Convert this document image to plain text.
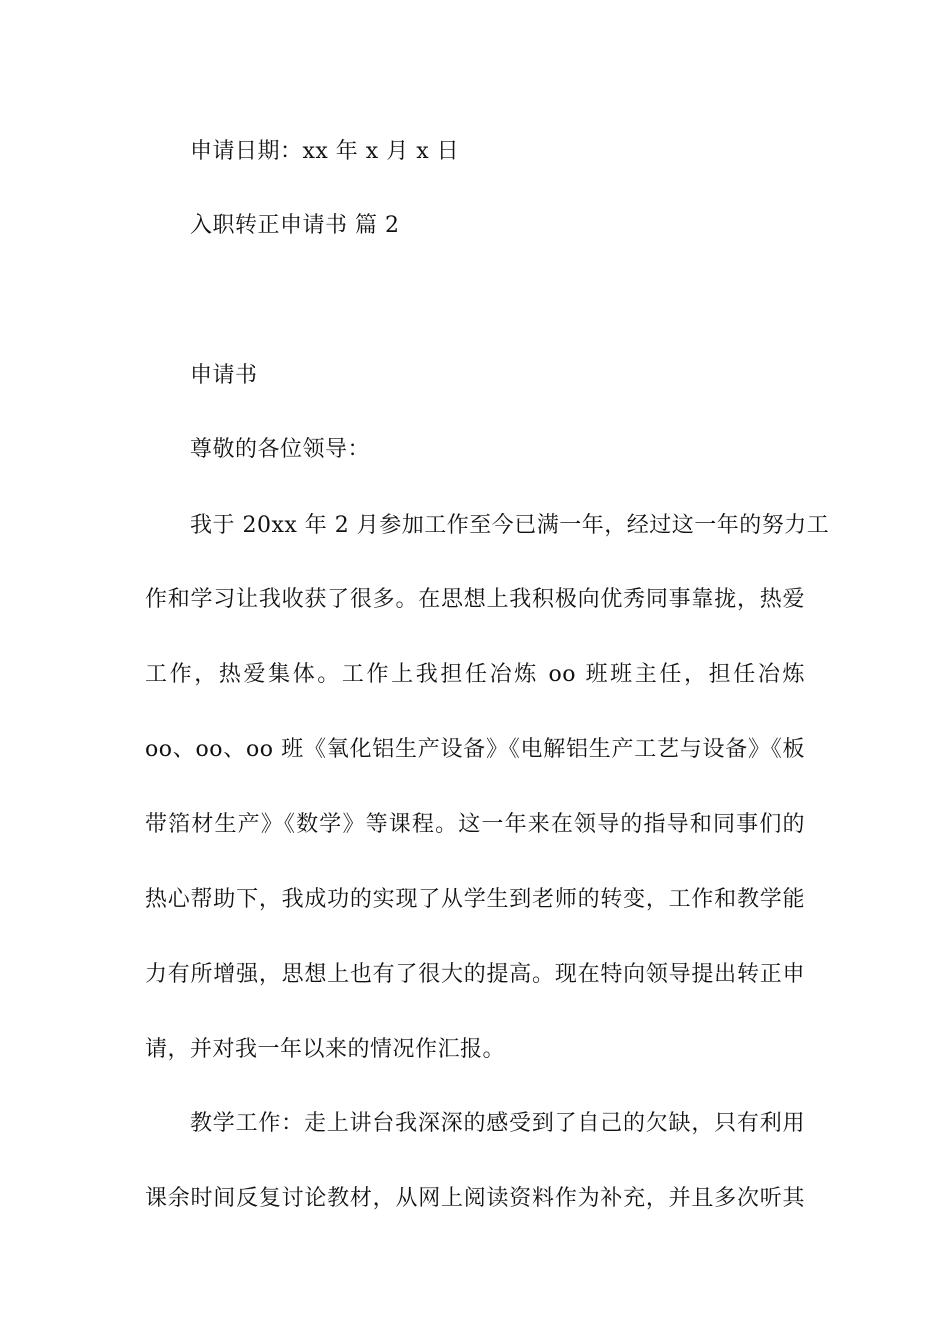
申请日期：xx 年 x 月 x 日
入职转正申请书 篇 2
申请书
尊敬的各位领导：
我于 20xx 年 2 月参加工作至今已满一年，经过这一年的努力工
作和学习让我收获了很多。在思想上我积极向优秀同事靠拢，热爱
工作，热爱集体。工作上我担任冶炼 oo 班班主任，担任冶炼
oo、oo、oo 班《氧化铝生产设备》《电解铝生产工艺与设备》《板
带箔材生产》《数学》等课程。这一年来在领导的指导和同事们的
热心帮助下，我成功的实现了从学生到老师的转变，工作和教学能
力有所增强，思想上也有了很大的提高。现在特向领导提出转正申
请，并对我一年以来的情况作汇报。
教学工作：走上讲台我深深的感受到了自己的欠缺，只有利用
课余时间反复讨论教材，从网上阅读资料作为补充，并且多次听其
